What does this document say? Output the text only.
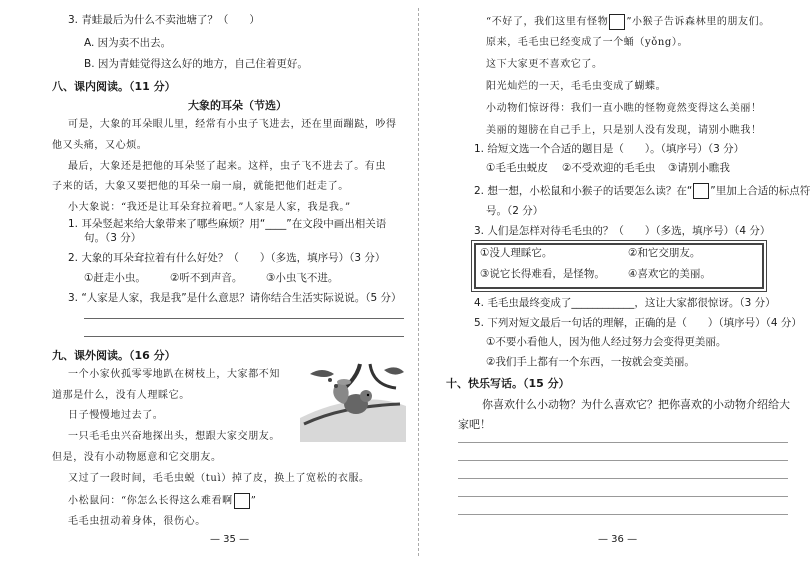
3. 青蛙最后为什么不卖池塘了？（　　）
A. 因为卖不出去。
B. 因为青蛙觉得这么好的地方，自己住着更好。
八、课内阅读。（11 分）
大象的耳朵（节选）
可是，大象的耳朵眼儿里，经常有小虫子飞进去，还在里面蹦跶，吵得
他又头痛，又心烦。
最后，大象还是把他的耳朵竖了起来。这样，虫子飞不进去了。有虫
子来的话，大象又要把他的耳朵一扇一扇，就能把他们赶走了。
小大象说：“我还是让耳朵耷拉着吧。”人家是人家，我是我。”
1. 耳朵竖起来给大象带来了哪些麻烦？用“____”在文段中画出相关语
句。（3 分）
2. 大象的耳朵耷拉着有什么好处？（　　）（多选，填序号）（3 分）
①赶走小虫。 ②听不到声音。 ③小虫飞不进。
3. “人家是人家，我是我”是什么意思？请你结合生活实际说说。（5 分）
九、课外阅读。（16 分）
一个小家伙孤零零地趴在树枝上，大家都不知
道那是什么，没有人理睬它。
日子慢慢地过去了。
一只毛毛虫兴奋地探出头，想跟大家交朋友。
但是，没有小动物愿意和它交朋友。
又过了一段时间，毛毛虫蜕（tuì）掉了皮，换上了宽松的衣服。
小松鼠问：“你怎么长得这么难看啊 ”
毛毛虫扭动着身体，很伤心。
— 35 —
“不好了，我们这里有怪物 ”小猴子告诉森林里的朋友们。
原来，毛毛虫已经变成了一个蛹（yǒng）。
这下大家更不喜欢它了。
阳光灿烂的一天，毛毛虫变成了蝴蝶。
小动物们惊讶得：我们一直小瞧的怪物竟然变得这么美丽！
美丽的翅膀在自己手上，只是别人没有发现，请别小瞧我！
1. 给短文选一个合适的题目是（　　）。（填序号）（3 分）
①毛毛虫蜕皮 ②不受欢迎的毛毛虫 ③请别小瞧我
2. 想一想，小松鼠和小猴子的话要怎么读？在“ ”里加上合适的标点符
号。（2 分）
3. 人们是怎样对待毛毛虫的？（　　）（多选，填序号）（4 分）
①没人理睬它。	②和它交朋友。
③说它长得难看，是怪物。 ④喜欢它的美丽。
4. 毛毛虫最终变成了____________，这让大家都很惊讶。（3 分）
5. 下列对短文最后一句话的理解，正确的是（　　）（填序号）（4 分）
①不要小看他人，因为他人经过努力会变得更美丽。
②我们手上都有一个东西，一按就会变美丽。
十、快乐写话。（15 分）
你喜欢什么小动物？为什么喜欢它？把你喜欢的小动物介绍给大
家吧！
— 36 —
